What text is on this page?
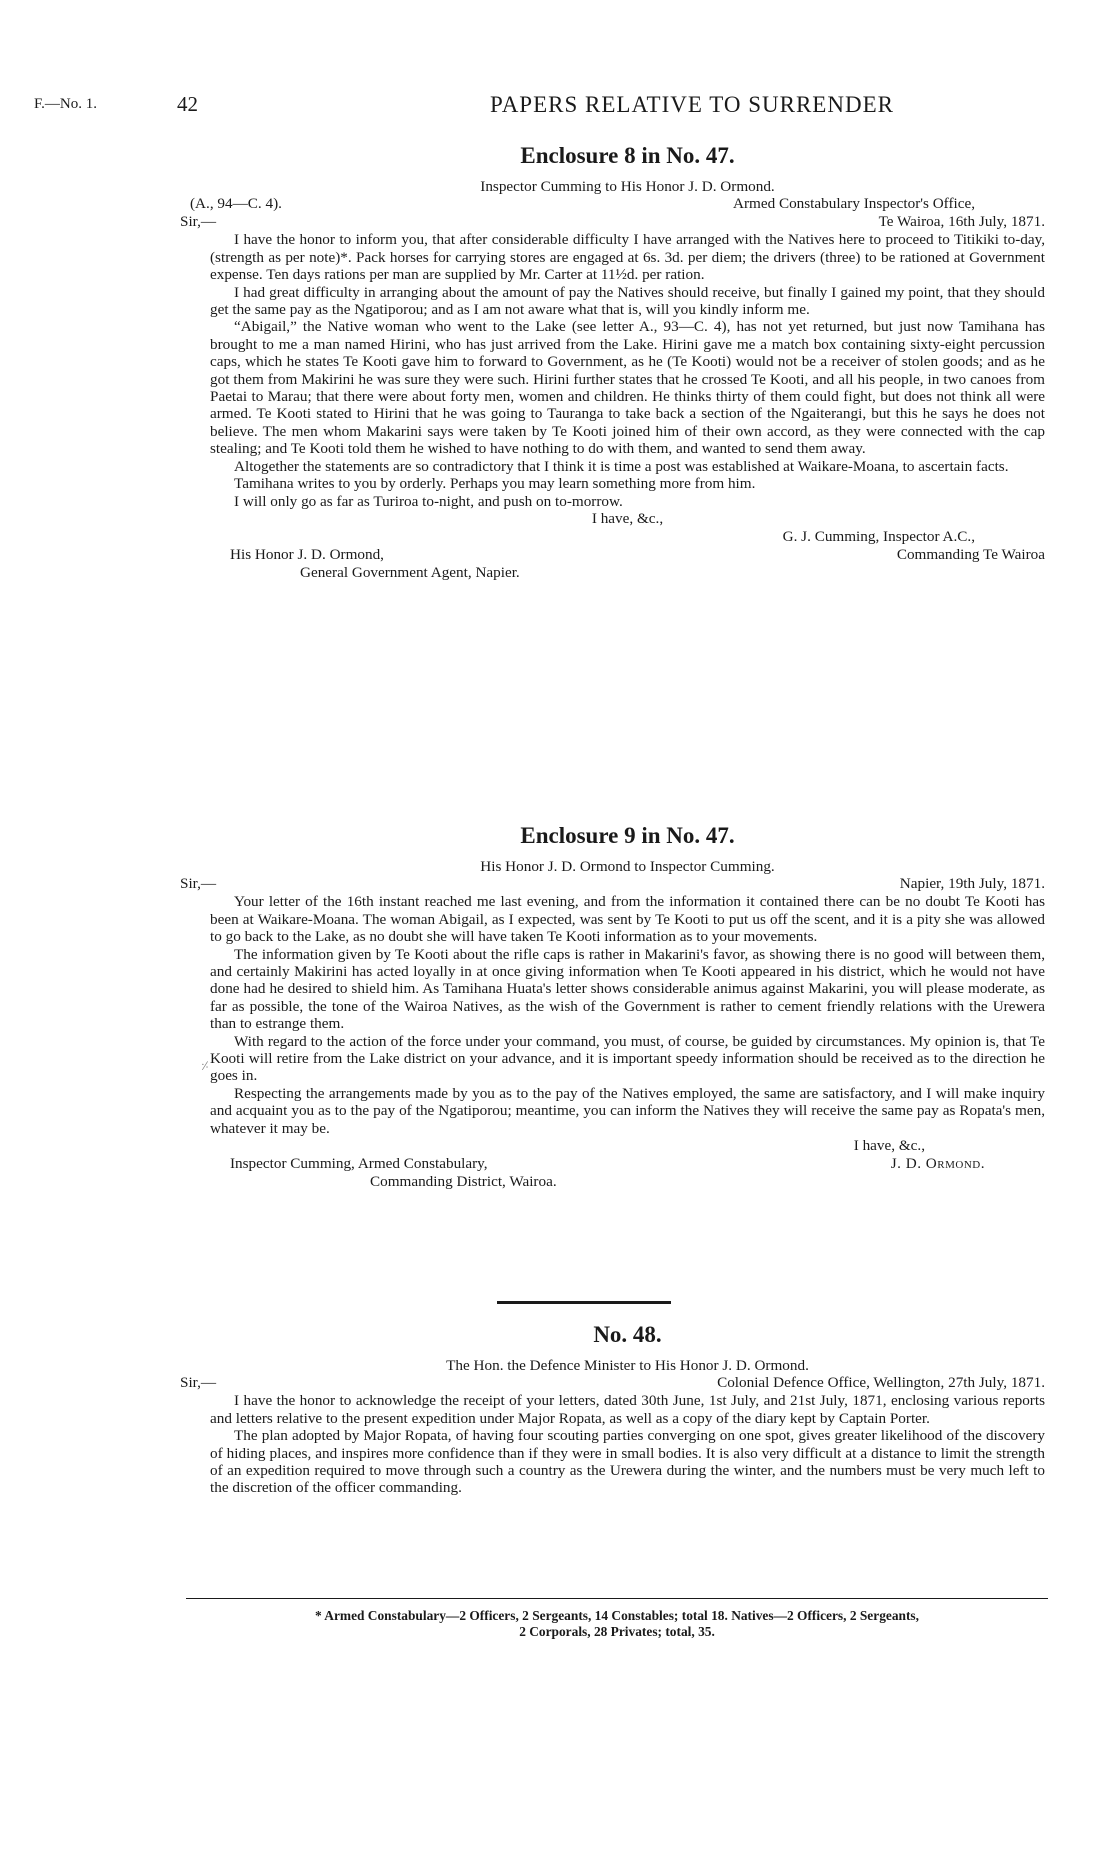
F.—No. 1.	42	PAPERS RELATIVE TO SURRENDER
Enclosure 8 in No. 47.
Inspector Cumming to His Honor J. D. Ormond.
(A., 94—C. 4).	Armed Constabulary Inspector's Office,
Sir,—	Te Wairoa, 16th July, 1871.

I have the honor to inform you, that after considerable difficulty I have arranged with the Natives here to proceed to Titikiki to-day, (strength as per note)*. Pack horses for carrying stores are engaged at 6s. 3d. per diem; the drivers (three) to be rationed at Government expense. Ten days rations per man are supplied by Mr. Carter at 11½d. per ration.

I had great difficulty in arranging about the amount of pay the Natives should receive, but finally I gained my point, that they should get the same pay as the Ngatiporou; and as I am not aware what that is, will you kindly inform me.

“Abigail,” the Native woman who went to the Lake (see letter A., 93—C. 4), has not yet returned, but just now Tamihana has brought to me a man named Hirini, who has just arrived from the Lake. Hirini gave me a match box containing sixty-eight percussion caps, which he states Te Kooti gave him to forward to Government, as he (Te Kooti) would not be a receiver of stolen goods; and as he got them from Makirini he was sure they were such. Hirini further states that he crossed Te Kooti, and all his people, in two canoes from Paetai to Marau; that there were about forty men, women and children. He thinks thirty of them could fight, but does not think all were armed. Te Kooti stated to Hirini that he was going to Tauranga to take back a section of the Ngaiterangi, but this he says he does not believe. The men whom Makarini says were taken by Te Kooti joined him of their own accord, as they were connected with the cap stealing; and Te Kooti told them he wished to have nothing to do with them, and wanted to send them away.

Altogether the statements are so contradictory that I think it is time a post was established at Waikare-Moana, to ascertain facts.

Tamihana writes to you by orderly. Perhaps you may learn something more from him.

I will only go as far as Turiroa to-night, and push on to-morrow.

I have, &c.,
G. J. Cumming, Inspector A.C.,
His Honor J. D. Ormond,	Commanding Te Wairoa
General Government Agent, Napier.
Enclosure 9 in No. 47.
His Honor J. D. Ormond to Inspector Cumming.
Sir,—	Napier, 19th July, 1871.

Your letter of the 16th instant reached me last evening, and from the information it contained there can be no doubt Te Kooti has been at Waikare-Moana. The woman Abigail, as I expected, was sent by Te Kooti to put us off the scent, and it is a pity she was allowed to go back to the Lake, as no doubt she will have taken Te Kooti information as to your movements.

The information given by Te Kooti about the rifle caps is rather in Makarini's favor, as showing there is no good will between them, and certainly Makirini has acted loyally in at once giving information when Te Kooti appeared in his district, which he would not have done had he desired to shield him. As Tamihana Huata's letter shows considerable animus against Makarini, you will please moderate, as far as possible, the tone of the Wairoa Natives, as the wish of the Government is rather to cement friendly relations with the Urewera than to estrange them.

With regard to the action of the force under your command, you must, of course, be guided by circumstances. My opinion is, that Te Kooti will retire from the Lake district on your advance, and it is important speedy information should be received as to the direction he goes in.

Respecting the arrangements made by you as to the pay of the Natives employed, the same are satisfactory, and I will make inquiry and acquaint you as to the pay of the Ngatiporou; meantime, you can inform the Natives they will receive the same pay as Ropata's men, whatever it may be.

I have, &c.,
Inspector Cumming, Armed Constabulary,	J. D. Ormond.
Commanding District, Wairoa.
⸓
No. 48.
The Hon. the Defence Minister to His Honor J. D. Ormond.
Sir,—	Colonial Defence Office, Wellington, 27th July, 1871.

I have the honor to acknowledge the receipt of your letters, dated 30th June, 1st July, and 21st July, 1871, enclosing various reports and letters relative to the present expedition under Major Ropata, as well as a copy of the diary kept by Captain Porter.

The plan adopted by Major Ropata, of having four scouting parties converging on one spot, gives greater likelihood of the discovery of hiding places, and inspires more confidence than if they were in small bodies. It is also very difficult at a distance to limit the strength of an expedition required to move through such a country as the Urewera during the winter, and the numbers must be very much left to the discretion of the officer commanding.

* Armed Constabulary—2 Officers, 2 Sergeants, 14 Constables; total 18. Natives—2 Officers, 2 Sergeants,
2 Corporals, 28 Privates; total, 35.
